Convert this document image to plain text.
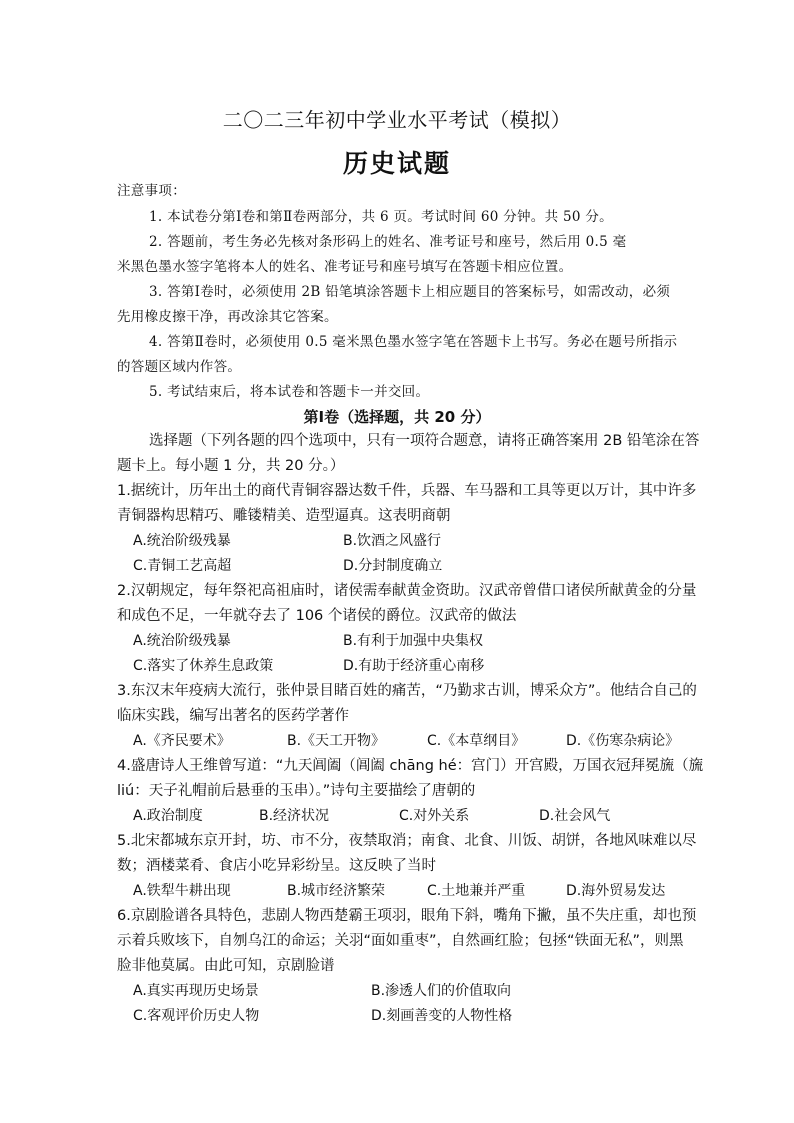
二〇二三年初中学业水平考试（模拟）
历史试题
注意事项：
1. 本试卷分第Ⅰ卷和第Ⅱ卷两部分，共 6 页。考试时间 60 分钟。共 50 分。
2. 答题前，考生务必先核对条形码上的姓名、准考证号和座号，然后用 0.5 毫
米黑色墨水签字笔将本人的姓名、准考证号和座号填写在答题卡相应位置。
3. 答第Ⅰ卷时，必须使用 2B 铅笔填涂答题卡上相应题目的答案标号，如需改动，必须
先用橡皮擦干净，再改涂其它答案。
4. 答第Ⅱ卷时，必须使用 0.5 毫米黑色墨水签字笔在答题卡上书写。务必在题号所指示
的答题区域内作答。
5. 考试结束后，将本试卷和答题卡一并交回。
第Ⅰ卷（选择题，共 20 分）
选择题（下列各题的四个选项中，只有一项符合题意，请将正确答案用 2B 铅笔涂在答
题卡上。每小题 1 分，共 20 分。）
1.据统计，历年出土的商代青铜容器达数千件，兵器、车马器和工具等更以万计，其中许多
青铜器构思精巧、雕镂精美、造型逼真。这表明商朝
A.统治阶级残暴	B.饮酒之风盛行
C.青铜工艺高超	D.分封制度确立
2.汉朝规定，每年祭祀高祖庙时，诸侯需奉献黄金资助。汉武帝曾借口诸侯所献黄金的分量
和成色不足，一年就夺去了 106 个诸侯的爵位。汉武帝的做法
A.统治阶级残暴	B.有利于加强中央集权
C.落实了休养生息政策	D.有助于经济重心南移
3.东汉末年疫病大流行，张仲景目睹百姓的痛苦，“乃勤求古训，博采众方”。他结合自己的
临床实践，编写出著名的医药学著作
A.《齐民要术》	B.《天工开物》	C.《本草纲目》	D.《伤寒杂病论》
4.盛唐诗人王维曾写道：“九天阊阖（阊阖 chāng hé：宫门）开宫殿，万国衣冠拜冕旒（旒
liú：天子礼帽前后悬垂的玉串）。”诗句主要描绘了唐朝的
A.政治制度	B.经济状况	C.对外关系	D.社会风气
5.北宋都城东京开封，坊、市不分，夜禁取消；南食、北食、川饭、胡饼，各地风味难以尽
数；酒楼菜肴、食店小吃异彩纷呈。这反映了当时
A.铁犁牛耕出现	B.城市经济繁荣	C.土地兼并严重	D.海外贸易发达
6.京剧脸谱各具特色，悲剧人物西楚霸王项羽，眼角下斜，嘴角下撇，虽不失庄重，却也预
示着兵败垓下，自刎乌江的命运；关羽“面如重枣”，自然画红脸；包拯“铁面无私”，则黑
脸非他莫属。由此可知，京剧脸谱
A.真实再现历史场景	B.渗透人们的价值取向
C.客观评价历史人物	D.刻画善变的人物性格
